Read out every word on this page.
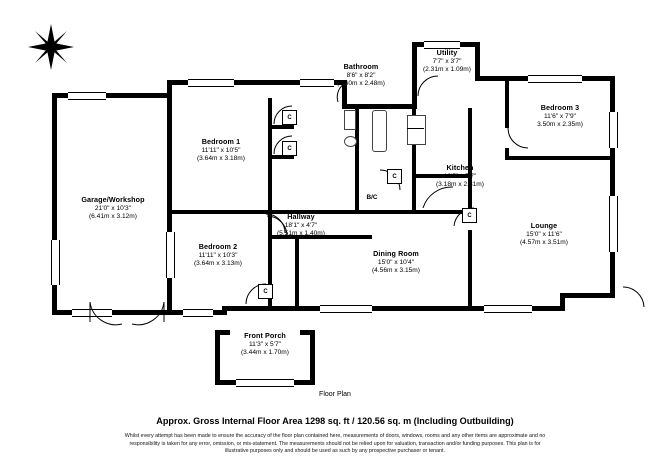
C
C
C
C
C
B/C
Garage/Workshop
21'0" x 10'3"
(6.41m x 3.12m)
Bedroom 1
11'11" x 10'5"
(3.64m x 3.18m)
Bedroom 2
11'11" x 10'3"
(3.64m x 3.13m)
Bedroom 3
11'6" x 7'9"
3.50m x 2.35m)
Bathroom
8'6" x 8'2"
(2.60m x 2.48m)
Utility
7'7" x 3'7"
(2.31m x 1.09m)
Kitchen
10'5" x 7'7"
(3.18m x 2.31m)
Lounge
15'0" x 11'6"
(4.57m x 3.51m)
Hallway
18'1" x 4'7"
(5.51m x 1.40m)
Dining Room
15'0" x 10'4"
(4.56m x 3.15m)
Front Porch
11'3" x 5'7"
(3.44m x 1.70m)
Floor Plan
Approx. Gross Internal Floor Area 1298 sq. ft / 120.56 sq. m (Including Outbuilding)
Whilst every attempt has been made to ensure the accuracy of the floor plan contained here, measurements of doors, windows, rooms and any other items are approximate and no responsibility is taken for any error, omission, or mis-statement. The measurements should not be relied upon for valuation, transaction and/or funding purposes. This plan is for illustrative purposes only and should be used as such by any prospective purchaser or tenant.
